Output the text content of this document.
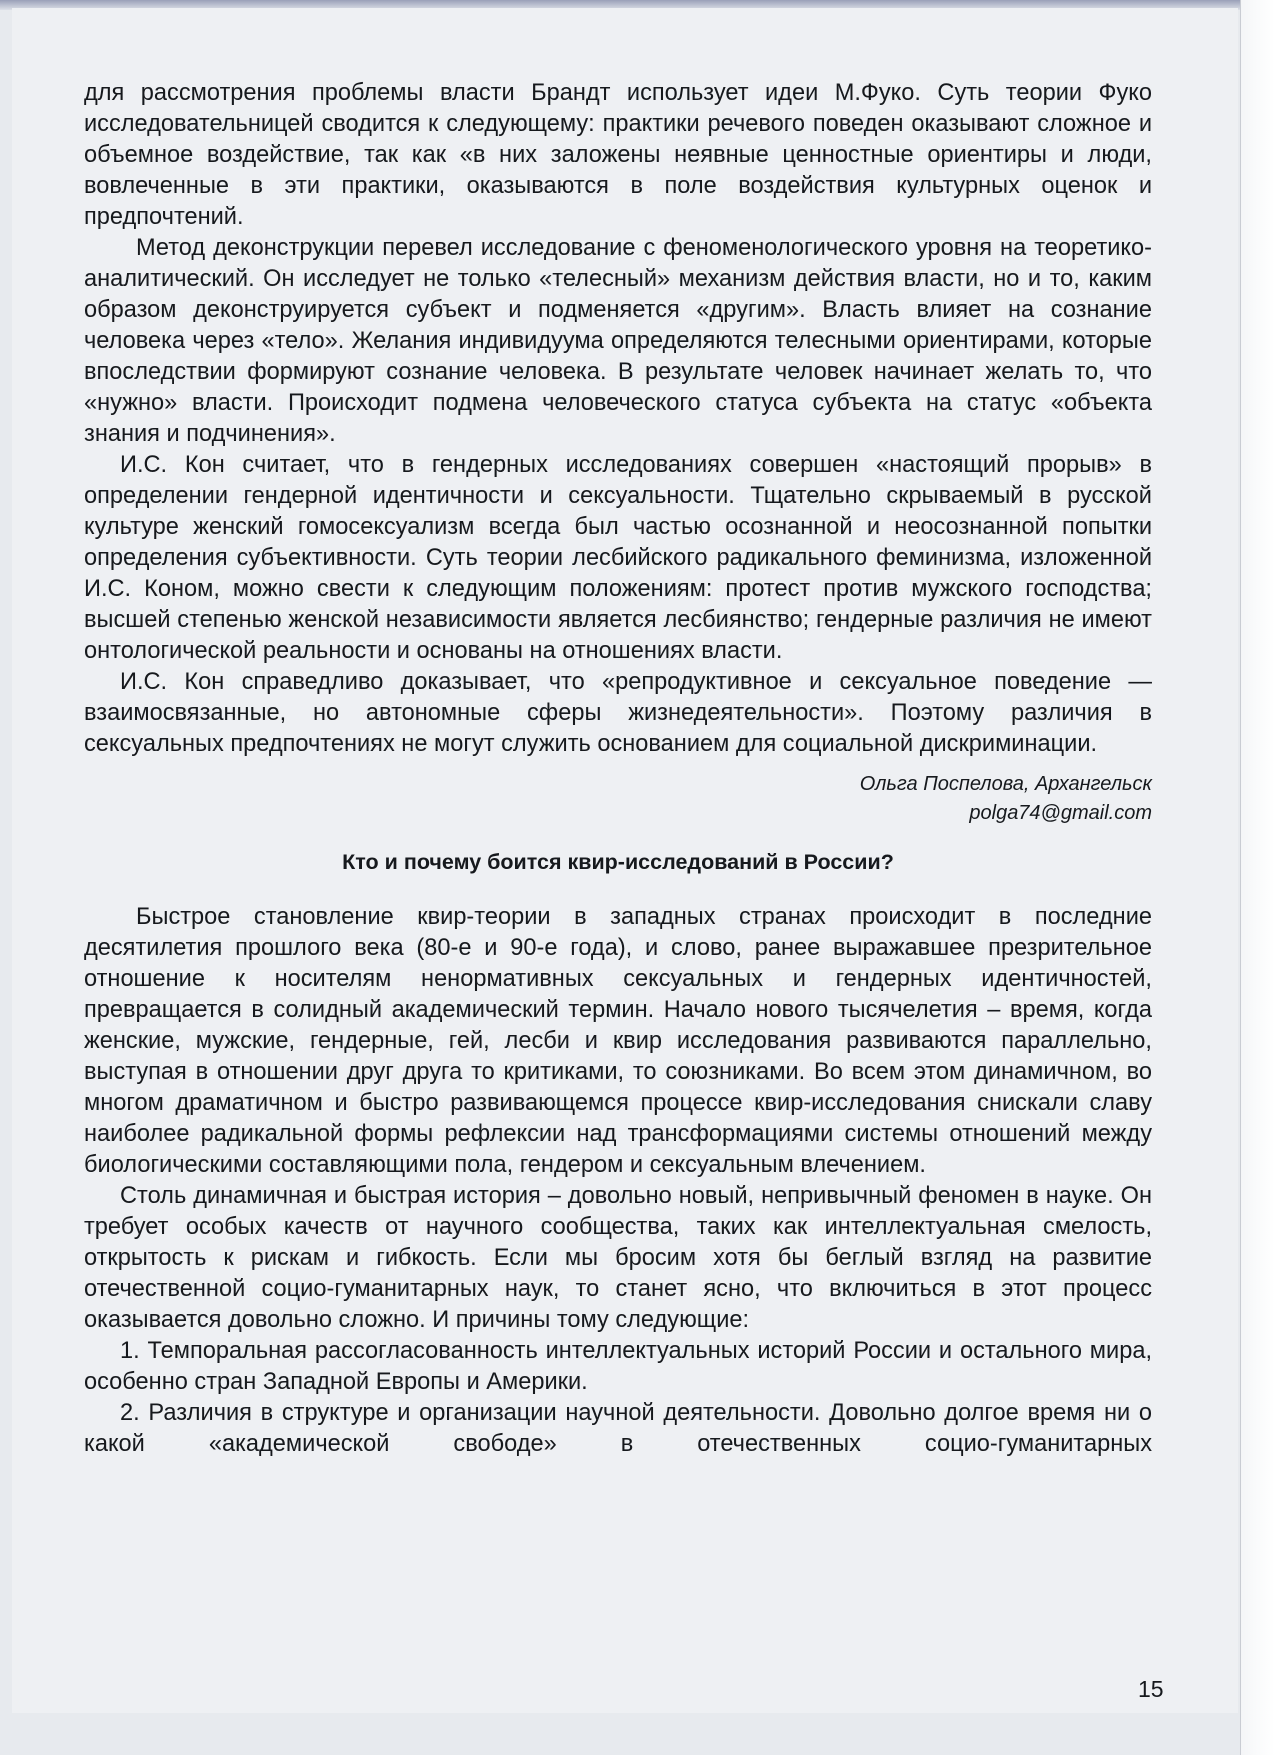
для рассмотрения проблемы власти Брандт использует идеи М.Фуко. Суть теории Фуко исследовательницей сводится к следующему: практики речевого поведен оказывают сложное и объемное воздействие, так как «в них заложены неявные ценностные ориентиры и люди, вовлеченные в эти практики, оказываются в поле воздействия культурных оценок и предпочтений.

Метод деконструкции перевел исследование с феноменологического уровня на теоретико-аналитический. Он исследует не только «телесный» механизм действия власти, но и то, каким образом деконструируется субъект и подменяется «другим». Власть влияет на сознание человека через «тело». Желания индивидуума определяются телесными ориентирами, которые впоследствии формируют сознание человека. В результате человек начинает желать то, что «нужно» власти. Происходит подмена человеческого статуса субъекта на статус «объекта знания и подчинения».

И.С. Кон считает, что в гендерных исследованиях совершен «настоящий прорыв» в определении гендерной идентичности и сексуальности. Тщательно скрываемый в русской культуре женский гомосексуализм всегда был частью осознанной и неосознанной попытки определения субъективности. Суть теории лесбийского радикального феминизма, изложенной И.С. Коном, можно свести к следующим положениям: протест против мужского господства; высшей степенью женской независимости является лесбиянство; гендерные различия не имеют онтологической реальности и основаны на отношениях власти.

И.С. Кон справедливо доказывает, что «репродуктивное и сексуальное поведение — взаимосвязанные, но автономные сферы жизнедеятельности». Поэтому различия в сексуальных предпочтениях не могут служить основанием для социальной дискриминации.

Ольга Поспелова, Архангельск
polga74@gmail.com
Кто и почему боится квир-исследований в России?

Быстрое становление квир-теории в западных странах происходит в последние десятилетия прошлого века (80-е и 90-е года), и слово, ранее выражавшее презрительное отношение к носителям ненормативных сексуальных и гендерных идентичностей, превращается в солидный академический термин. Начало нового тысячелетия – время, когда женские, мужские, гендерные, гей, лесби и квир исследования развиваются параллельно, выступая в отношении друг друга то критиками, то союзниками. Во всем этом динамичном, во многом драматичном и быстро развивающемся процессе квир-исследования снискали славу наиболее радикальной формы рефлексии над трансформациями системы отношений между биологическими составляющими пола, гендером и сексуальным влечением.

Столь динамичная и быстрая история – довольно новый, непривычный феномен в науке. Он требует особых качеств от научного сообщества, таких как интеллектуальная смелость, открытость к рискам и гибкость. Если мы бросим хотя бы беглый взгляд на развитие отечественной социо-гуманитарных наук, то станет ясно, что включиться в этот процесс оказывается довольно сложно. И причины тому следующие:

1. Темпоральная рассогласованность интеллектуальных историй России и остального мира, особенно стран Западной Европы и Америки.

2. Различия в структуре и организации научной деятельности. Довольно долгое время ни о какой «академической свободе» в отечественных социо-гуманитарных

15
